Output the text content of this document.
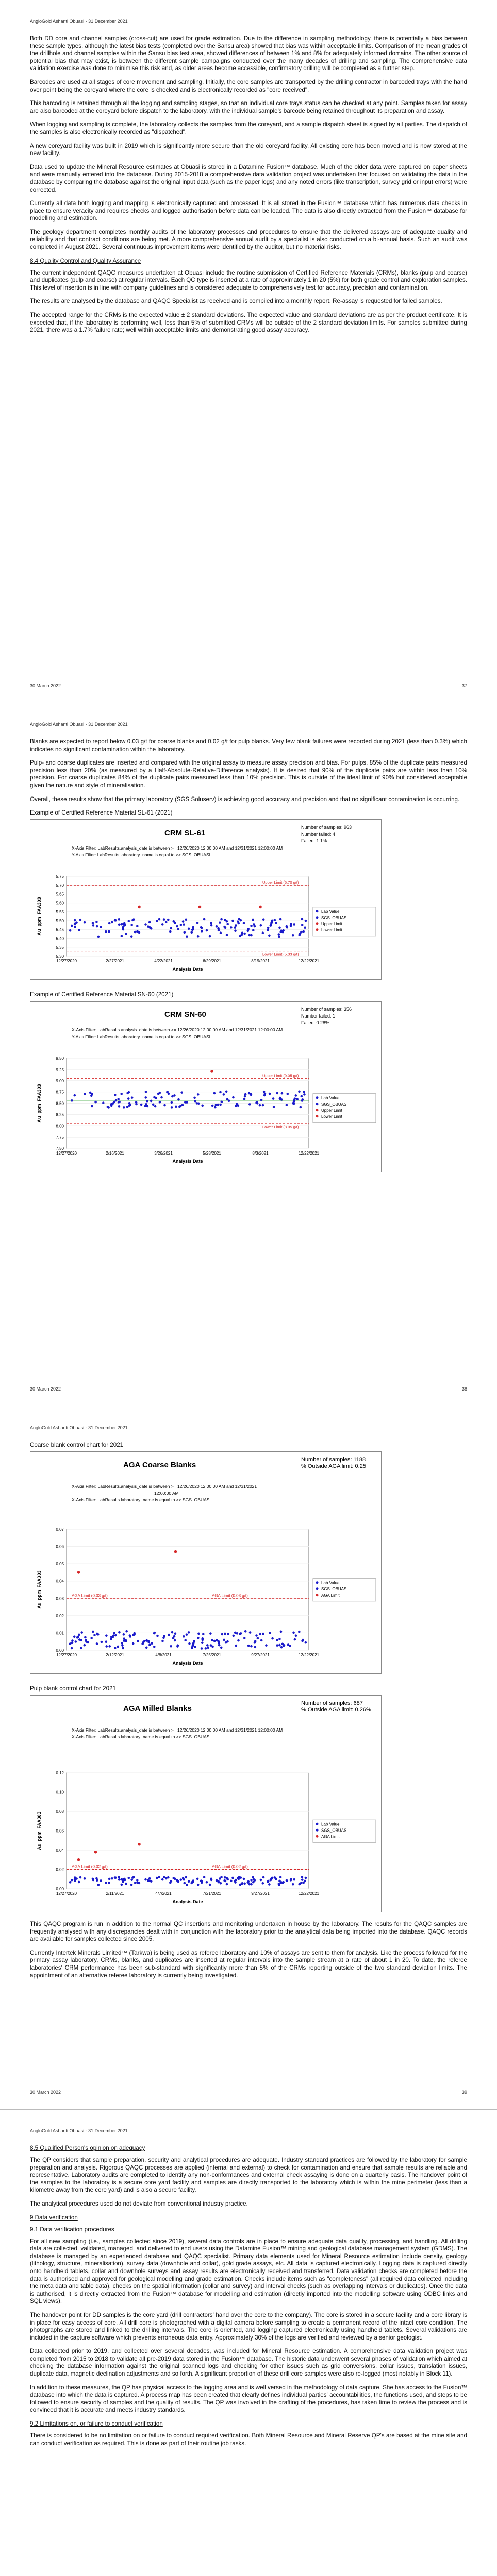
AngloGold Ashanti Obuasi - 31 December 2021

Both DD core and channel samples (cross-cut) are used for grade estimation. Due to the difference in sampling methodology, there is potentially a bias between these sample types, although the latest bias tests (completed over the Sansu area) showed that bias was within acceptable limits. Comparison of the mean grades of the drillhole and channel samples within the Sansu bias test area, showed differences of between 1% and 8% for adequately informed domains. The other source of potential bias that may exist, is between the different sample campaigns conducted over the many decades of drilling and sampling. The comprehensive data validation exercise was done to minimise this risk and, as older areas become accessible, confirmatory drilling will be completed as a further step.

Barcodes are used at all stages of core movement and sampling. Initially, the core samples are transported by the drilling contractor in barcoded trays with the hand over point being the coreyard where the core is checked and is electronically recorded as "core received".

This barcoding is retained through all the logging and sampling stages, so that an individual core trays status can be checked at any point. Samples taken for assay are also barcoded at the coreyard before dispatch to the laboratory, with the individual sample's barcode being retained throughout its preparation and assay.

When logging and sampling is complete, the laboratory collects the samples from the coreyard, and a sample dispatch sheet is signed by all parties. The dispatch of the samples is also electronically recorded as "dispatched".

A new coreyard facility was built in 2019 which is significantly more secure than the old coreyard facility. All existing core has been moved and is now stored at the new facility.

Data used to update the Mineral Resource estimates at Obuasi is stored in a Datamine Fusion™ database. Much of the older data were captured on paper sheets and were manually entered into the database. During 2015-2018 a comprehensive data validation project was undertaken that focused on validating the data in the database by comparing the database against the original input data (such as the paper logs) and any noted errors (like transcription, survey grid or input errors) were corrected.

Currently all data both logging and mapping is electronically captured and processed. It is all stored in the Fusion™ database which has numerous data checks in place to ensure veracity and requires checks and logged authorisation before data can be loaded. The data is also directly extracted from the Fusion™ database for modelling and estimation.

The geology department completes monthly audits of the laboratory processes and procedures to ensure that the delivered assays are of adequate quality and reliability and that contract conditions are being met. A more comprehensive annual audit by a specialist is also conducted on a bi-annual basis. Such an audit was completed in August 2021. Several continuous improvement items were identified by the auditor, but no material risks.

8.4 Quality Control and Quality Assurance

The current independent QAQC measures undertaken at Obuasi include the routine submission of Certified Reference Materials (CRMs), blanks (pulp and coarse) and duplicates (pulp and coarse) at regular intervals. Each QC type is inserted at a rate of approximately 1 in 20 (5%) for both grade control and exploration samples. This level of insertion is in line with company guidelines and is considered adequate to comprehensively test for accuracy, precision and contamination.

The results are analysed by the database and QAQC Specialist as received and is compiled into a monthly report. Re-assay is requested for failed samples.

The accepted range for the CRMs is the expected value ± 2 standard deviations. The expected value and standard deviations are as per the product certificate. It is expected that, if the laboratory is performing well, less than 5% of submitted CRMs will be outside of the 2 standard deviation limits. For samples submitted during 2021, there was a 1.7% failure rate; well within acceptable limits and demonstrating good assay accuracy.

30 March 2022	37
AngloGold Ashanti Obuasi - 31 December 2021

Blanks are expected to report below 0.03 g/t for coarse blanks and 0.02 g/t for pulp blanks. Very few blank failures were recorded during 2021 (less than 0.3%) which indicates no significant contamination within the laboratory.

Pulp- and coarse duplicates are inserted and compared with the original assay to measure assay precision and bias. For pulps, 85% of the duplicate pairs measured precision less than 20% (as measured by a Half-Absolute-Relative-Difference analysis). It is desired that 90% of the duplicate pairs are within less than 10% precision. For coarse duplicates 84% of the duplicate pairs measured less than 10% precision. This is outside of the ideal limit of 90% but considered acceptable given the nature and style of mineralisation.

Overall, these results show that the primary laboratory (SGS Soluserv) is achieving good accuracy and precision and that no significant contamination is occurring.

Example of Certified Reference Material SL-61 (2021)
CRM SL-61
Number of samples: 963
Number failed: 4
Failed: 1.1%
X-Axis Filter: LabResults.analysis_date is between >= 12/26/2020 12:00:00 AM and 12/31/2021 12:00:00 AM
Y-Axis Filter: LabResults.laboratory_name is equal to >> SGS_OBUASI
5.75
5.70
5.65
5.60
5.55
5.50
5.45
5.40
5.35
5.30
12/27/2020	2/27/2021	4/22/2021	6/29/2021	8/19/2021	12/22/2021
Analysis Date
Au_ppm_FAA303
Upper Limit (5.70 g/t)
Lower Limit (5.33 g/t)
Lab Value
SGS_OBUASI
Upper Limit
Lower Limit
Example of Certified Reference Material SN-60 (2021)
CRM SN-60
Number of samples: 356
Number failed: 1
Failed: 0.28%
X-Axis Filter: LabResults.analysis_date is between >= 12/26/2020 12:00:00 AM and 12/31/2021 12:00:00 AM
Y-Axis Filter: LabResults.laboratory_name is equal to >> SGS_OBUASI
9.50
9.25
9.00
8.75
8.50
8.25
8.00
7.75
7.50
12/27/2020	2/16/2021	3/26/2021	5/28/2021	8/3/2021	12/22/2021
Analysis Date
Au_ppm_FAA303
Upper Limit (9.05 g/t)
Lower Limit (8.05 g/t)
Lab Value
SGS_OBUASI
Upper Limit
Lower Limit
30 March 2022	38
AngloGold Ashanti Obuasi - 31 December 2021
Coarse blank control chart for 2021
AGA Coarse Blanks
Number of samples: 1188
% Outside AGA limit: 0.25
X-Axis Filter: LabResults.analysis_date is between >= 12/26/2020 12:00:00 AM and 12/31/2021
12:00:00 AM
X-Axis Filter: LabResults.laboratory_name is equal to >> SGS_OBUASI
0.07
0.06
0.05
0.04
0.03
0.02
0.01
0.00
12/27/2020	2/12/2021	4/8/2021	7/25/2021	9/27/2021	12/22/2021
Analysis Date
Au_ppm_FAA303	AGA Limit (0.03 g/t)	AGA Limit (0.03 g/t)
Lab Value
SGS_OBUASI
AGA Limit
Pulp blank control chart for 2021
AGA Milled Blanks
Number of samples: 687
% Outside AGA limit: 0.26%
X-Axis Filter: LabResults.analysis_date is between >= 12/26/2020 12:00:00 AM and 12/31/2021 12:00:00 AM
X-Axis Filter: LabResults.laboratory_name is equal to >> SGS_OBUASI
0.12
0.10
0.08
0.06
0.04
0.02
0.00
12/27/2020	2/11/2021	4/7/2021	7/21/2021	9/27/2021	12/22/2021
Analysis Date
Au_ppm_FAA303
AGA Limit (0.02 g/t)	AGA Limit (0.02 g/t)
Lab Value
SGS_OBUASI
AGA Limit

This QAQC program is run in addition to the normal QC insertions and monitoring undertaken in house by the laboratory. The results for the QAQC samples are frequently analysed with any discrepancies dealt with in conjunction with the laboratory prior to the analytical data being imported into the database. QAQC records are available for samples collected since 2005.

Currently Intertek Minerals Limited™ (Tarkwa) is being used as referee laboratory and 10% of assays are sent to them for analysis. Like the process followed for the primary assay laboratory, CRMs, blanks, and duplicates are inserted at regular intervals into the sample stream at a rate of about 1 in 20. To date, the referee laboratories' CRM performance has been sub-standard with significantly more than 5% of the CRMs reporting outside of the two standard deviation limits. The appointment of an alternative referee laboratory is currently being investigated.

30 March 2022	39
AngloGold Ashanti Obuasi - 31 December 2021
8.5 Qualified Person's opinion on adequacy

The QP considers that sample preparation, security and analytical procedures are adequate. Industry standard practices are followed by the laboratory for sample preparation and analysis. Rigorous QAQC processes are applied (internal and external) to check for contamination and ensure that sample results are reliable and representative. Laboratory audits are completed to identify any non-conformances and external check assaying is done on a quarterly basis. The handover point of the samples to the laboratory is a secure core yard facility and samples are directly transported to the laboratory which is within the mine perimeter (less than a kilometre away from the core yard) and is also a secure facility.

The analytical procedures used do not deviate from conventional industry practice.

9 Data verification
9.1 Data verification procedures

For all new sampling (i.e., samples collected since 2019), several data controls are in place to ensure adequate data quality, processing, and handling. All drilling data are collected, validated, managed, and delivered to end users using the Datamine Fusion™ mining and geological database management system (GDMS). The database is managed by an experienced database and QAQC specialist. Primary data elements used for Mineral Resource estimation include density, geology (lithology, structure, mineralisation), survey data (downhole and collar), gold grade assays, etc. All data is captured electronically. Logging data is captured directly onto handheld tablets, collar and downhole surveys and assay results are electronically received and transferred. Data validation checks are completed before the data is authorised and approved for geological modelling and grade estimation. Checks include items such as "completeness" (all required data collected including the meta data and table data), checks on the spatial information (collar and survey) and interval checks (such as overlapping intervals or duplicates). Once the data is authorised, it is directly extracted from the Fusion™ database for modelling and estimation (directly imported into the modelling software using ODBC links and SQL views).

The handover point for DD samples is the core yard (drill contractors' hand over the core to the company). The core is stored in a secure facility and a core library is in place for easy access of core. All drill core is photographed with a digital camera before sampling to create a permanent record of the intact core condition. The photographs are stored and linked to the drilling intervals. The core is oriented, and logging captured electronically using handheld tablets. Several validations are included in the capture software which prevents erroneous data entry. Approximately 30% of the logs are verified and reviewed by a senior geologist.

Data collected prior to 2019, and collected over several decades, was included for Mineral Resource estimation. A comprehensive data validation project was completed from 2015 to 2018 to validate all pre-2019 data stored in the Fusion™ database. The historic data underwent several phases of validation which aimed at checking the database information against the original scanned logs and checking for other issues such as grid conversions, collar issues, translation issues, duplicate data, magnetic declination adjustments and so forth. A significant proportion of these drill core samples were also re-logged (most notably in Block 11).

In addition to these measures, the QP has physical access to the logging area and is well versed in the methodology of data capture. She has access to the Fusion™ database into which the data is captured. A process map has been created that clearly defines individual parties' accountabilities, the functions used, and steps to be followed to ensure security of samples and the quality of results. The QP was involved in the drafting of the procedures, has taken time to review the process and is convinced that it is accurate and meets industry standards.

9.2 Limitations on, or failure to conduct verification

There is considered to be no limitation on or failure to conduct required verification. Both Mineral Resource and Mineral Reserve QP's are based at the mine site and can conduct verification as required. This is done as part of their routine job tasks.
